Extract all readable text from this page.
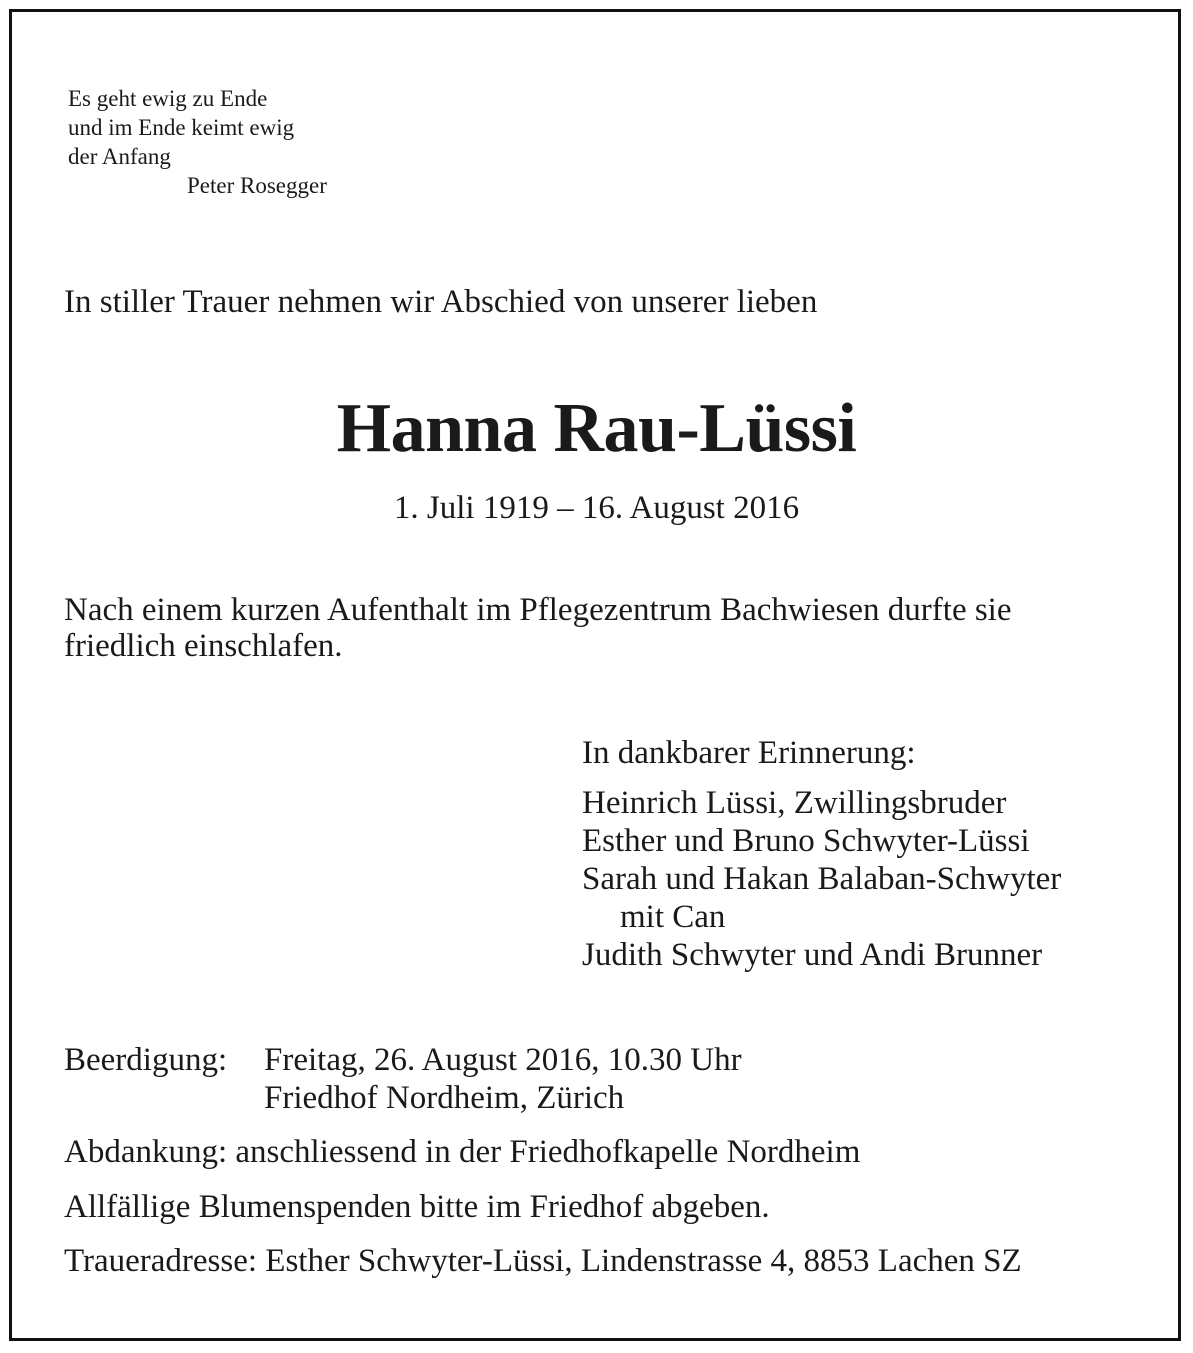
Es geht ewig zu Ende
und im Ende keimt ewig
der Anfang
Peter Rosegger
In stiller Trauer nehmen wir Abschied von unserer lieben
Hanna Rau-Lüssi
1. Juli 1919 – 16. August 2016
Nach einem kurzen Aufenthalt im Pflegezentrum Bachwiesen durfte sie
friedlich einschlafen.
In dankbarer Erinnerung:
Heinrich Lüssi, Zwillingsbruder
Esther und Bruno Schwyter-Lüssi
Sarah und Hakan Balaban-Schwyter
mit Can
Judith Schwyter und Andi Brunner
Beerdigung: Freitag, 26. August 2016, 10.30 Uhr
Friedhof Nordheim, Zürich
Abdankung: anschliessend in der Friedhofkapelle Nordheim
Allfällige Blumenspenden bitte im Friedhof abgeben.
Traueradresse: Esther Schwyter-Lüssi, Lindenstrasse 4, 8853 Lachen SZ
